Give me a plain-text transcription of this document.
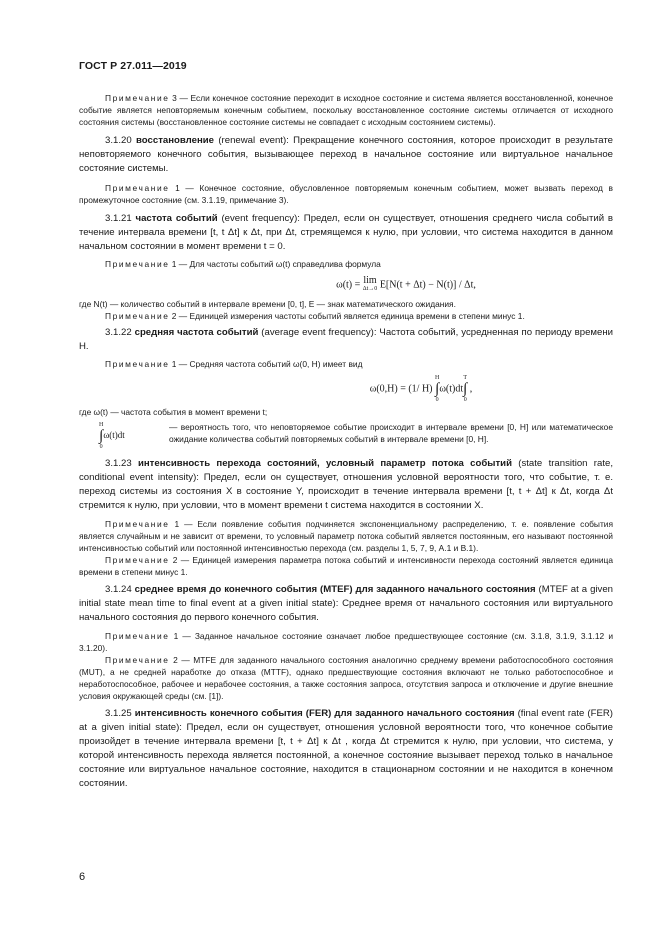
ГОСТ Р 27.011—2019

Примечание 3 — Если конечное состояние переходит в исходное состояние и система является восстановленной, конечное событие является неповторяемым конечным событием, поскольку восстановленное состояние системы отличается от исходного состояния системы (восстановленное состояние системы не совпадает с исходным состоянием системы).

3.1.20 восстановление (renewal event): Прекращение конечного состояния, которое происходит в результате неповторяемого конечного события, вызывающее переход в начальное состояние или виртуальное начальное состояние системы.

Примечание 1 — Конечное состояние, обусловленное повторяемым конечным событием, может вызвать переход в промежуточное состояние (см. 3.1.19, примечание 3).

3.1.21 частота событий (event frequency): Предел, если он существует, отношения среднего числа событий в течение интервала времени [t, t Δt] к Δt, при Δt, стремящемся к нулю, при условии, что система находится в данном начальном состоянии в момент времени t = 0.

Примечание 1 — Для частоты событий ω(t) справедлива формула

ω(t) = lim
Δt→0 E[N(t + Δt) − N(t)] / Δt,

где N(t) — количество событий в интервале времени [0, t], E — знак математического ожидания.

Примечание 2 — Единицей измерения частоты событий является единица времени в степени минус 1.

3.1.22 средняя частота событий (average event frequency): Частота событий, усредненная по периоду времени H.

Примечание 1 — Средняя частота событий ω(0, H) имеет вид

ω(0,H) = (1/ H) H
∫
0ω(t)dtT
∫
0 ,

где ω(t) — частота события в момент времени t;

H
∫
0ω(t)dt
— вероятность того, что неповторяемое событие происходит в интервале времени [0, H] или математическое ожидание количества событий повторяемых событий в интервале времени [0, H].

3.1.23 интенсивность перехода состояний, условный параметр потока событий (state transition rate, conditional event intensity): Предел, если он существует, отношения условной вероятности того, что событие, т. е. переход системы из состояния X в состояние Y, происходит в течение интервала времени [t, t + Δt] к Δt, когда Δt стремится к нулю, при условии, что в момент времени t система находится в состоянии X.

Примечание 1 — Если появление события подчиняется экспоненциальному распределению, т. е. появление события является случайным и не зависит от времени, то условный параметр потока событий является постоянным, его называют постоянной интенсивностью событий или постоянной интенсивностью перехода (см. разделы 1, 5, 7, 9, А.1 и В.1).

Примечание 2 — Единицей измерения параметра потока событий и интенсивности перехода состояний является единица времени в степени минус 1.

3.1.24 среднее время до конечного события (MTEF) для заданного начального состояния (MTEF at a given initial state mean time to final event at a given initial state): Среднее время от начального состояния или виртуального начального состояния до первого конечного события.

Примечание 1 — Заданное начальное состояние означает любое предшествующее состояние (см. 3.1.8, 3.1.9, 3.1.12 и 3.1.20).

Примечание 2 — MTFE для заданного начального состояния аналогично среднему времени работоспособного состояния (MUT), а не средней наработке до отказа (MTTF), однако предшествующие состояния включают не только работоспособное и неработоспособное, рабочее и нерабочее состояния, а также состояния запроса, отсутствия запроса и отключение и другие внешние условия окружающей среды (см. [1]).

3.1.25 интенсивность конечного события (FER) для заданного начального состояния (final event rate (FER) at a given initial state): Предел, если он существует, отношения условной вероятности того, что конечное событие произойдет в течение интервала времени [t, t + Δt] к Δt , когда Δt стремится к нулю, при условии, что система, у которой интенсивность перехода является постоянной, а конечное состояние вызывает переход только в начальное состояние или виртуальное начальное состояние, находится в стационарном состоянии и не находится в конечном состоянии.

6
